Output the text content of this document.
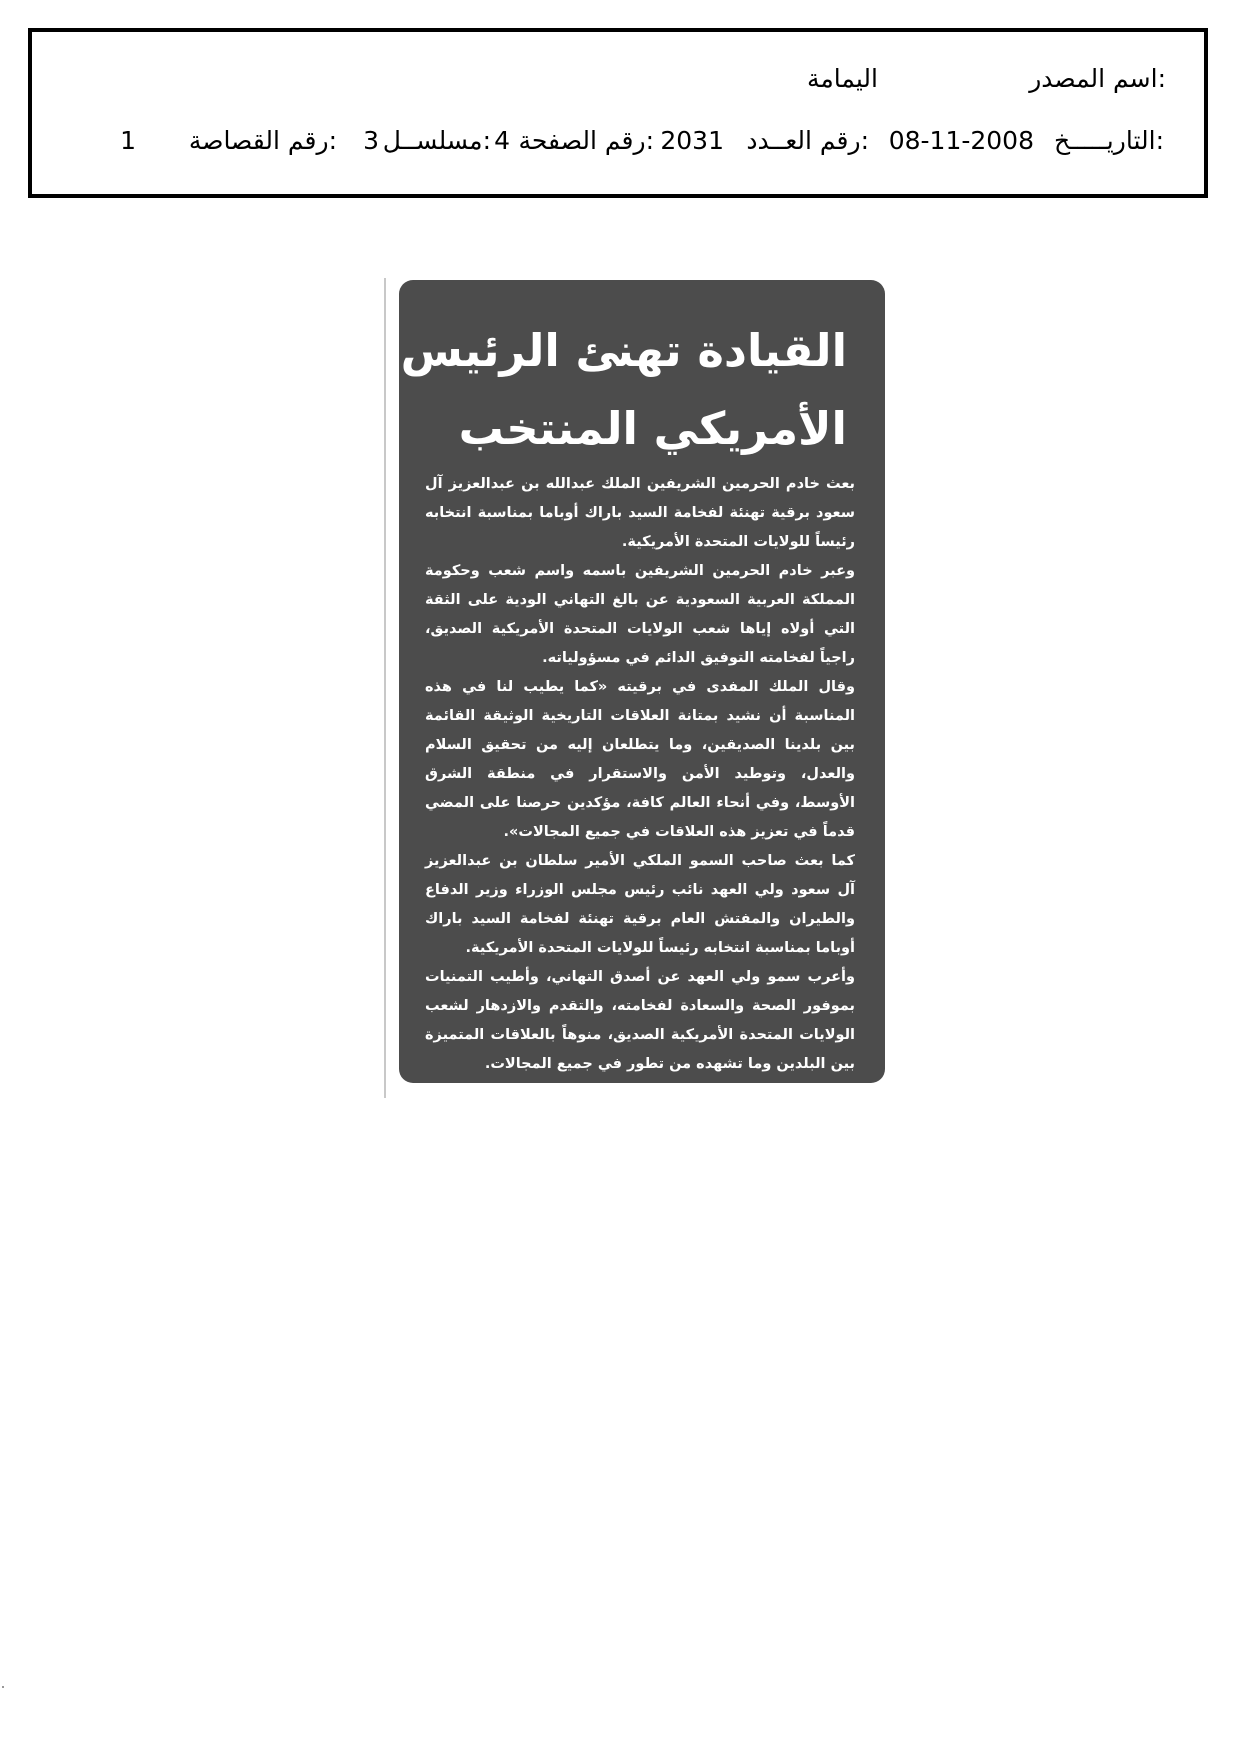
اسم المصدر:
اليمامة
التاريـــــخ:
08-11-2008
رقم العــدد:
2031
رقم الصفحة:
4
مسلســل:
3
رقم القصاصة:
1
القيادة تهنئ الرئيس
الأمريكي المنتخب

بعث خادم الحرمين الشريفين الملك عبدالله بن عبدالعزيز آل سعود برقية تهنئة لفخامة السيد باراك أوباما بمناسبة انتخابه رئيساً للولايات المتحدة الأمريكية.

وعبر خادم الحرمين الشريفين باسمه واسم شعب وحكومة المملكة العربية السعودية عن بالغ التهاني الودية على الثقة التي أولاه إياها شعب الولايات المتحدة الأمريكية الصديق، راجياً لفخامته التوفيق الدائم في مسؤولياته.

وقال الملك المفدى في برقيته «كما يطيب لنا في هذه المناسبة أن نشيد بمتانة العلاقات التاريخية الوثيقة القائمة بين بلدينا الصديقين، وما يتطلعان إليه من تحقيق السلام والعدل، وتوطيد الأمن والاستقرار في منطقة الشرق الأوسط، وفي أنحاء العالم كافة، مؤكدين حرصنا على المضي قدماً في تعزيز هذه العلاقات في جميع المجالات».

كما بعث صاحب السمو الملكي الأمير سلطان بن عبدالعزيز آل سعود ولي العهد نائب رئيس مجلس الوزراء وزير الدفاع والطيران والمفتش العام برقية تهنئة لفخامة السيد باراك أوباما بمناسبة انتخابه رئيساً للولايات المتحدة الأمريكية.

وأعرب سمو ولي العهد عن أصدق التهاني، وأطيب التمنيات بموفور الصحة والسعادة لفخامته، والتقدم والازدهار لشعب الولايات المتحدة الأمريكية الصديق، منوهاً بالعلاقات المتميزة بين البلدين وما تشهده من تطور في جميع المجالات.
